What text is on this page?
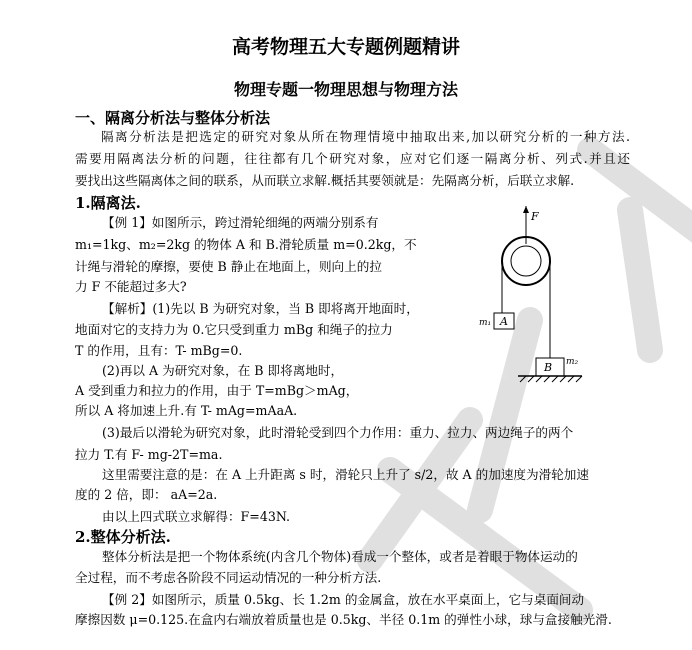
高考物理五大专题例题精讲
物理专题一物理思想与物理方法
一、隔离分析法与整体分析法
隔离分析法是把选定的研究对象从所在物理情境中抽取出来,加以研究分析的一种方法.
需要用隔离法分析的问题，往往都有几个研究对象，应对它们逐一隔离分析、列式.并且还
要找出这些隔离体之间的联系，从而联立求解.概括其要领就是：先隔离分析，后联立求解.
1.隔离法.
【例 1】如图所示，跨过滑轮细绳的两端分别系有
m₁=1kg、m₂=2kg 的物体 A 和 B.滑轮质量 m=0.2kg，不
计绳与滑轮的摩擦，要使 B 静止在地面上，则向上的拉
力 F 不能超过多大?
【解析】(1)先以 B 为研究对象，当 B 即将离开地面时，
地面对它的支持力为 0.它只受到重力 mBg 和绳子的拉力
T 的作用，且有：T- mBg=0.
(2)再以 A 为研究对象，在 B 即将离地时，
A 受到重力和拉力的作用，由于 T=mBg＞mAg，
所以 A 将加速上升.有 T- mAg=mAaA.
(3)最后以滑轮为研究对象，此时滑轮受到四个力作用：重力、拉力、两边绳子的两个
拉力 T.有 F- mg-2T=ma.
这里需要注意的是：在 A 上升距离 s 时，滑轮只上升了 s/2，故 A 的加速度为滑轮加速
度的 2 倍，即： aA=2a.
由以上四式联立求解得：F=43N.
2.整体分析法.
整体分析法是把一个物体系统(内含几个物体)看成一个整体，或者是着眼于物体运动的
全过程，而不考虑各阶段不同运动情况的一种分析方法.
【例 2】如图所示，质量 0.5kg、长 1.2m 的金属盒，放在水平桌面上，它与桌面间动
摩擦因数 μ=0.125.在盒内右端放着质量也是 0.5kg、半径 0.1m 的弹性小球，球与盒接触光滑.
F
A
m₁
B m₂
